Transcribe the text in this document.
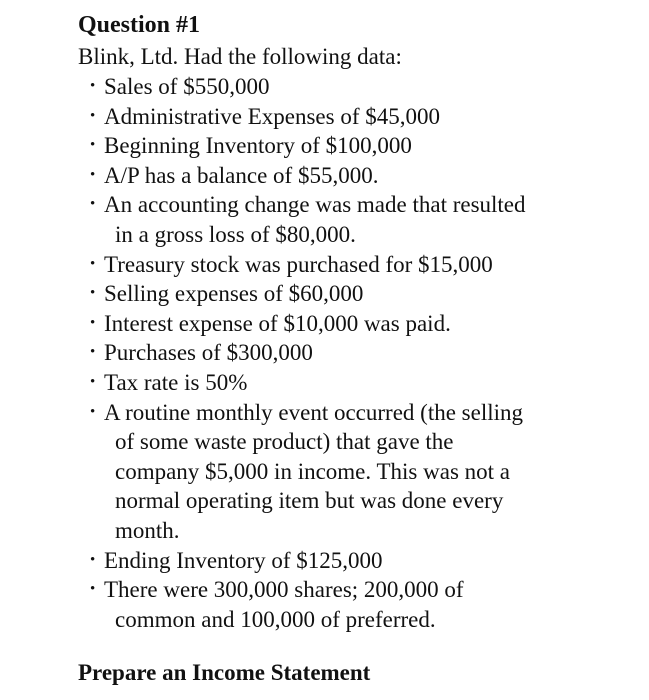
Question #1
Blink, Ltd. Had the following data:
• Sales of $550,000
• Administrative Expenses of $45,000
• Beginning Inventory of $100,000
• A/P has a balance of $55,000.
• An accounting change was made that resulted
in a gross loss of $80,000.
• Treasury stock was purchased for $15,000
• Selling expenses of $60,000
• Interest expense of $10,000 was paid.
• Purchases of $300,000
• Tax rate is 50%
• A routine monthly event occurred (the selling
of some waste product) that gave the
company $5,000 in income. This was not a
normal operating item but was done every
month.
• Ending Inventory of $125,000
• There were 300,000 shares; 200,000 of
common and 100,000 of preferred.
Prepare an Income Statement
